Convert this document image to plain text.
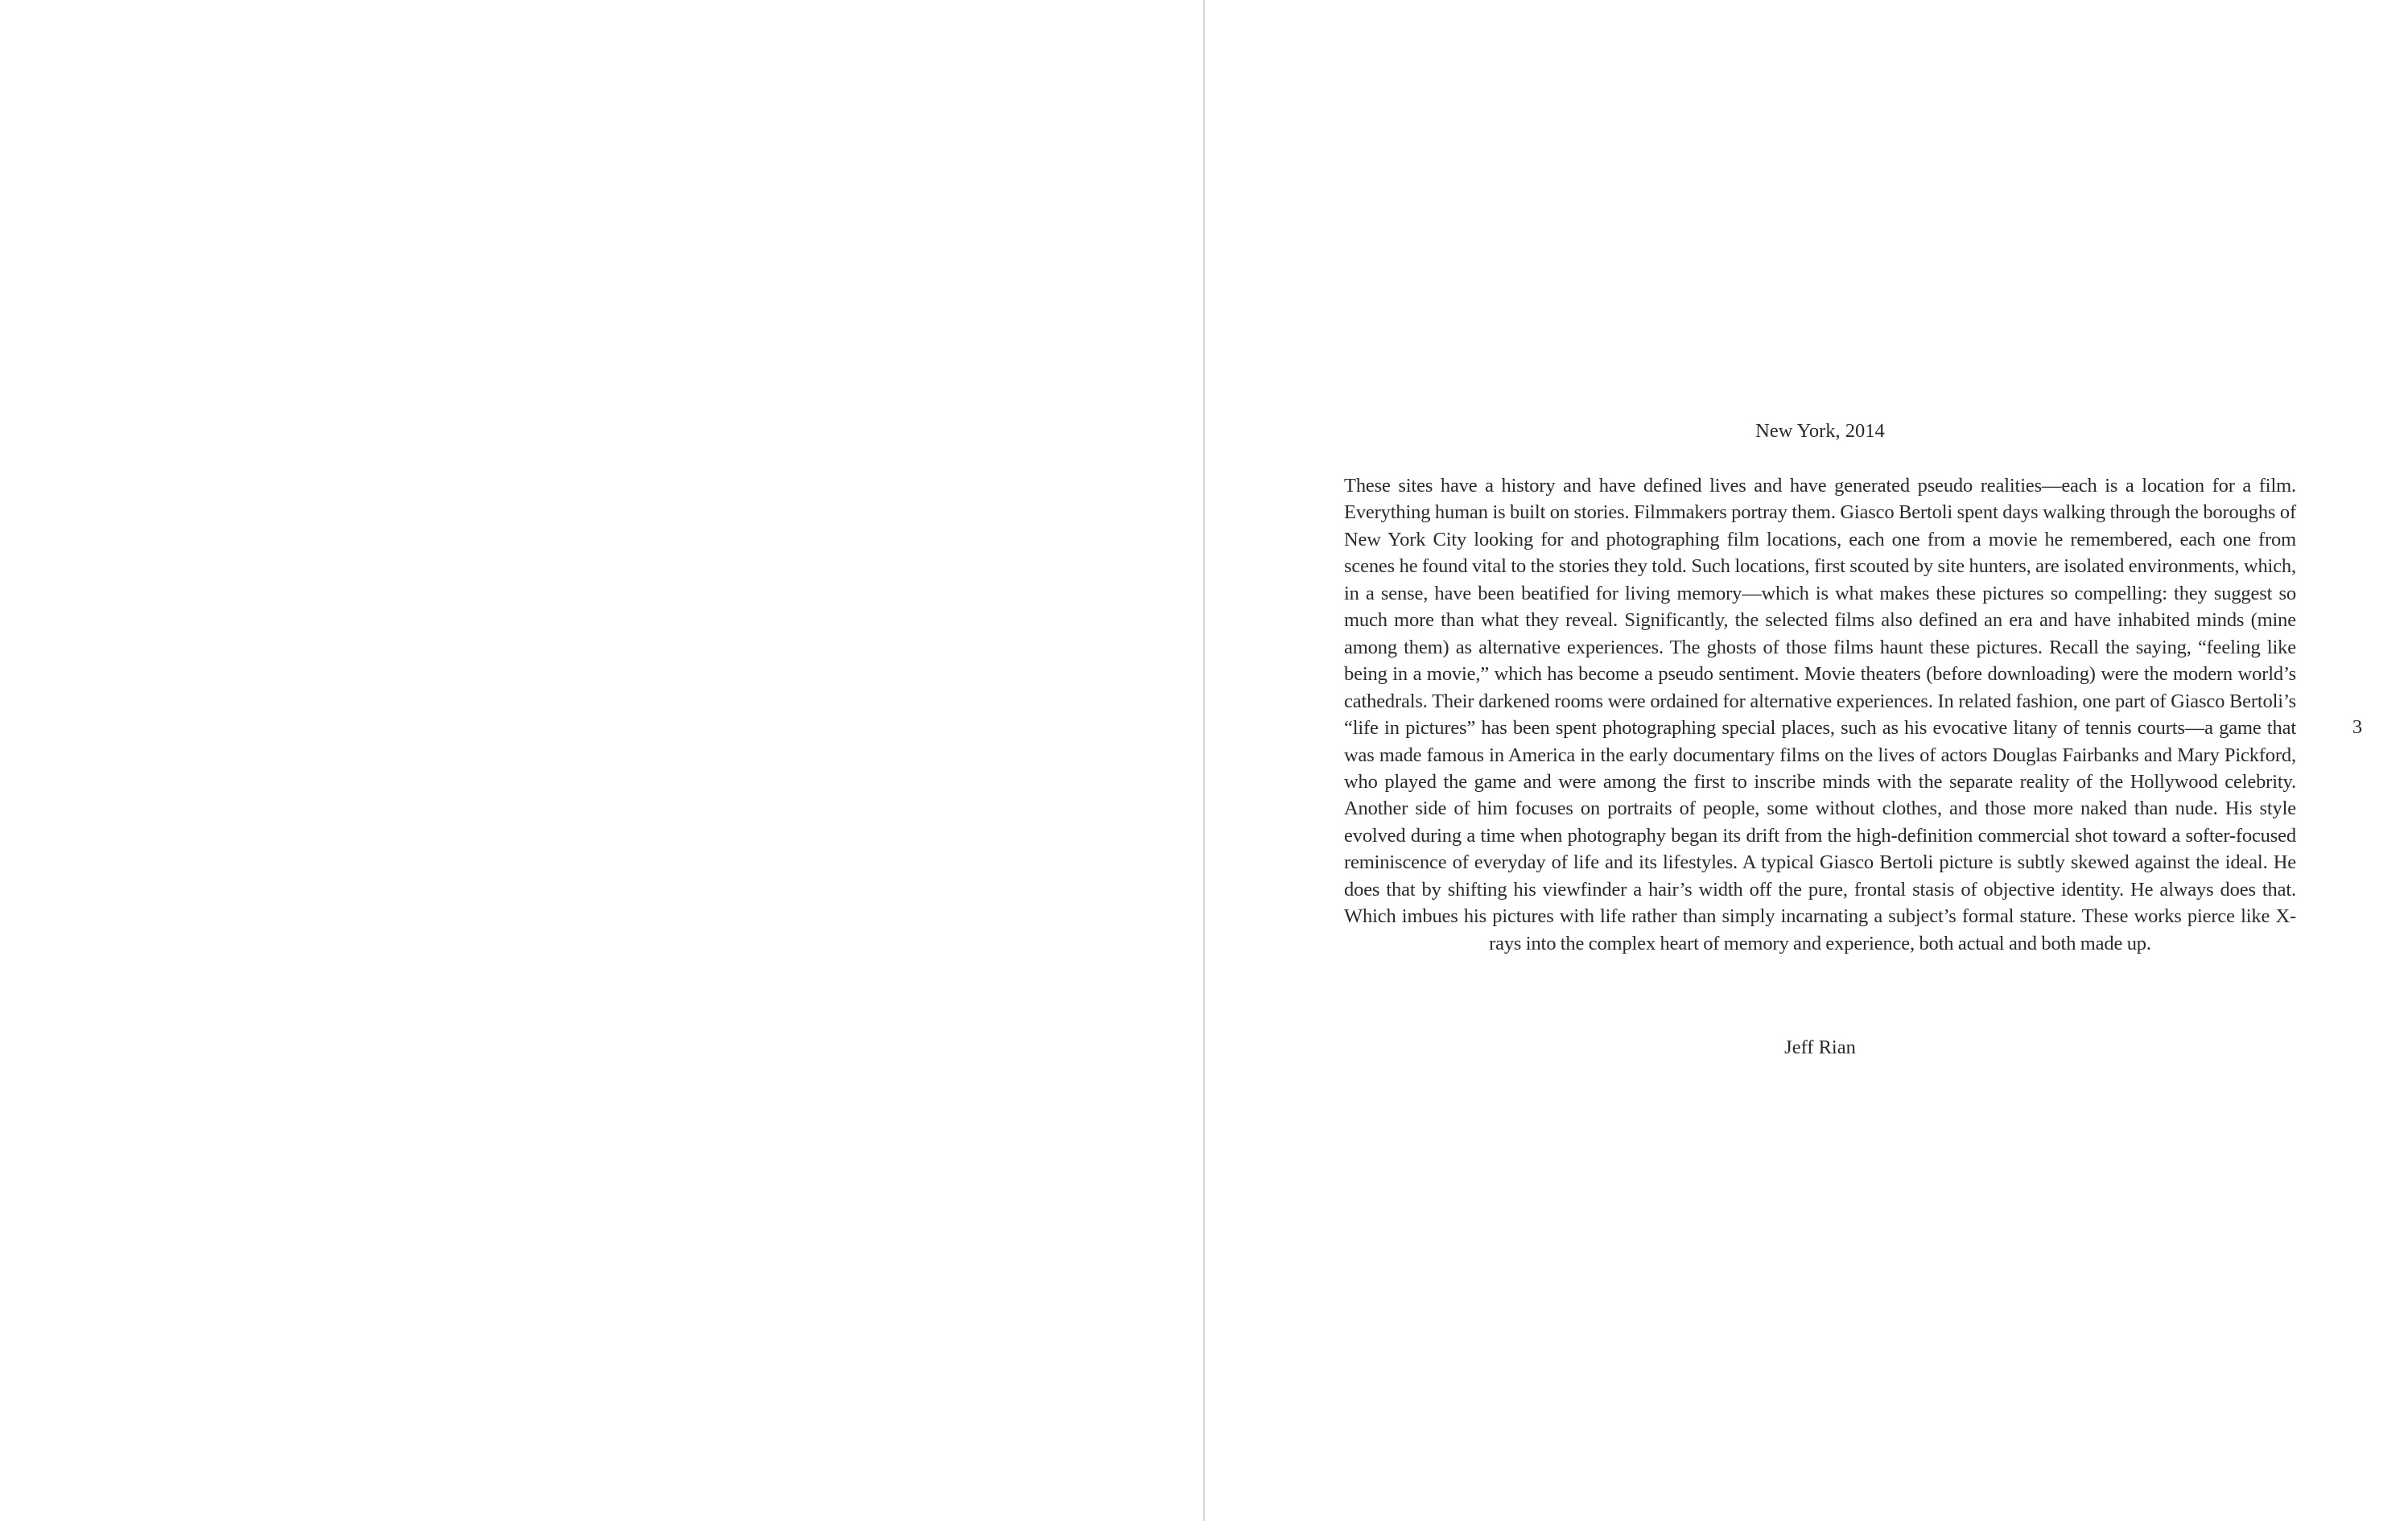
New York, 2014

These sites have a history and have defined lives and have generated pseudo realities—each is a location for a film. Everything human is built on stories. Filmmakers portray them. Giasco Bertoli spent days walking through the boroughs of New York City looking for and photographing film locations, each one from a movie he remembered, each one from scenes he found vital to the stories they told. Such locations, first scouted by site hunters, are isolated environments, which, in a sense, have been beatified for living memory—which is what makes these pictures so compelling: they suggest so much more than what they reveal. Significantly, the selected films also defined an era and have inhabited minds (mine among them) as alternative experiences. The ghosts of those films haunt these pictures. Recall the saying, “feeling like being in a movie,” which has become a pseudo sentiment. Movie theaters (before downloading) were the modern world’s cathedrals. Their darkened rooms were ordained for alternative experiences. In related fashion, one part of Giasco Bertoli’s “life in pictures” has been spent photographing special places, such as his evocative litany of tennis courts—a game that was made famous in America in the early documentary films on the lives of actors Douglas Fairbanks and Mary Pickford, who played the game and were among the first to inscribe minds with the separate reality of the Hollywood celebrity. Another side of him focuses on portraits of people, some without clothes, and those more naked than nude. His style evolved during a time when photography began its drift from the high-definition commercial shot toward a softer-focused reminiscence of everyday of life and its lifestyles. A typical Giasco Bertoli picture is subtly skewed against the ideal. He does that by shifting his viewfinder a hair’s width off the pure, frontal stasis of objective identity. He always does that. Which imbues his pictures with life rather than simply incarnating a subject’s formal stature. These works pierce like X-rays into the complex heart of memory and experience, both actual and both made up.

Jeff Rian
3
